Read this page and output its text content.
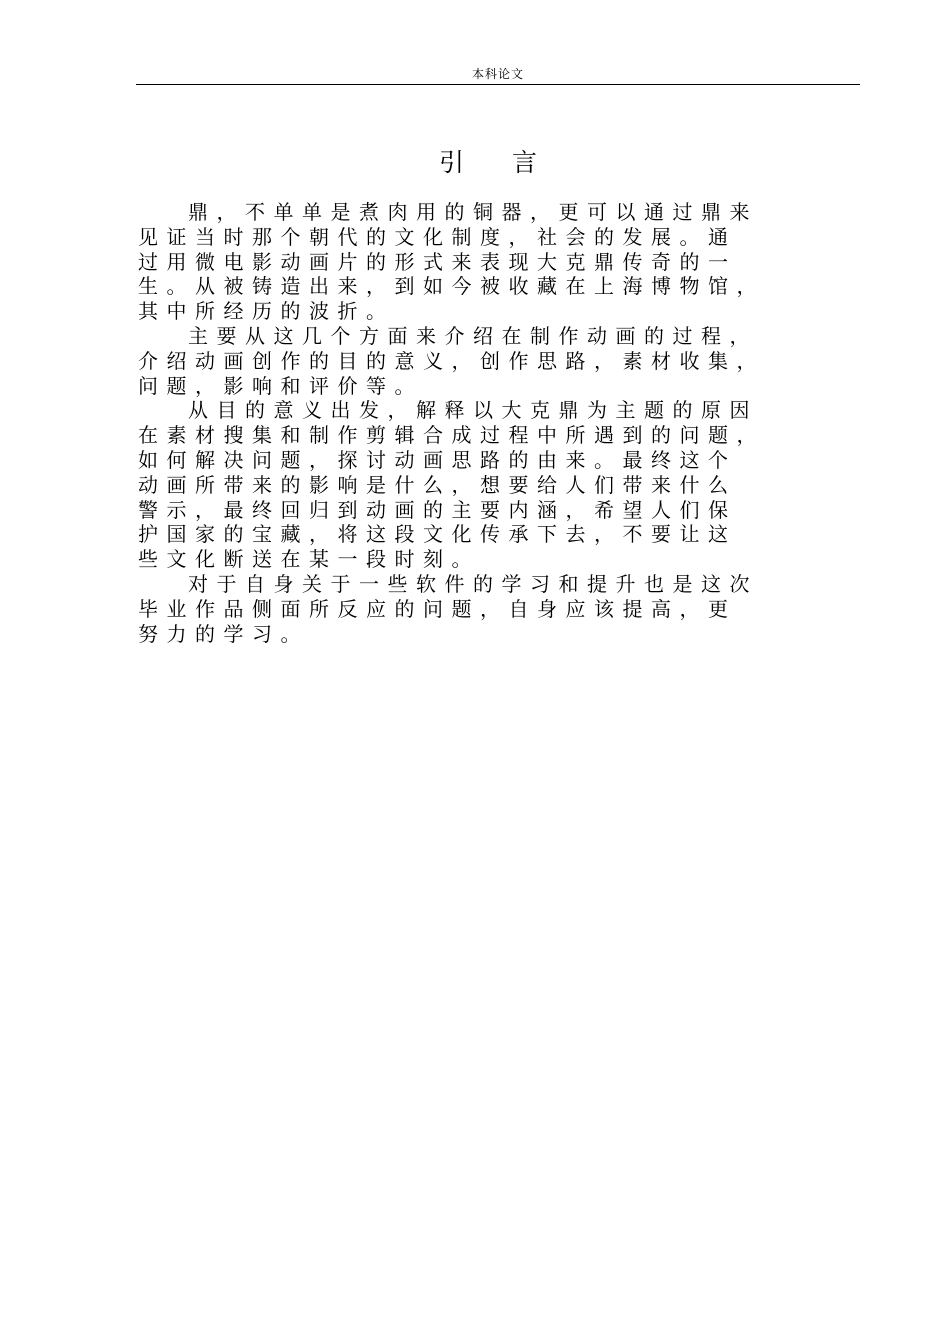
本科论文
引 言
鼎，不单单是煮肉用的铜器，更可以通过鼎来
见证当时那个朝代的文化制度，社会的发展。通
过用微电影动画片的形式来表现大克鼎传奇的一
生。从被铸造出来，到如今被收藏在上海博物馆，
其中所经历的波折。
主要从这几个方面来介绍在制作动画的过程，
介绍动画创作的目的意义，创作思路，素材收集，
问题，影响和评价等。
从目的意义出发，解释以大克鼎为主题的原因
在素材搜集和制作剪辑合成过程中所遇到的问题，
如何解决问题，探讨动画思路的由来。最终这个
动画所带来的影响是什么，想要给人们带来什么
警示，最终回归到动画的主要内涵，希望人们保
护国家的宝藏，将这段文化传承下去，不要让这
些文化断送在某一段时刻。
对于自身关于一些软件的学习和提升也是这次
毕业作品侧面所反应的问题，自身应该提高，更
努力的学习。
